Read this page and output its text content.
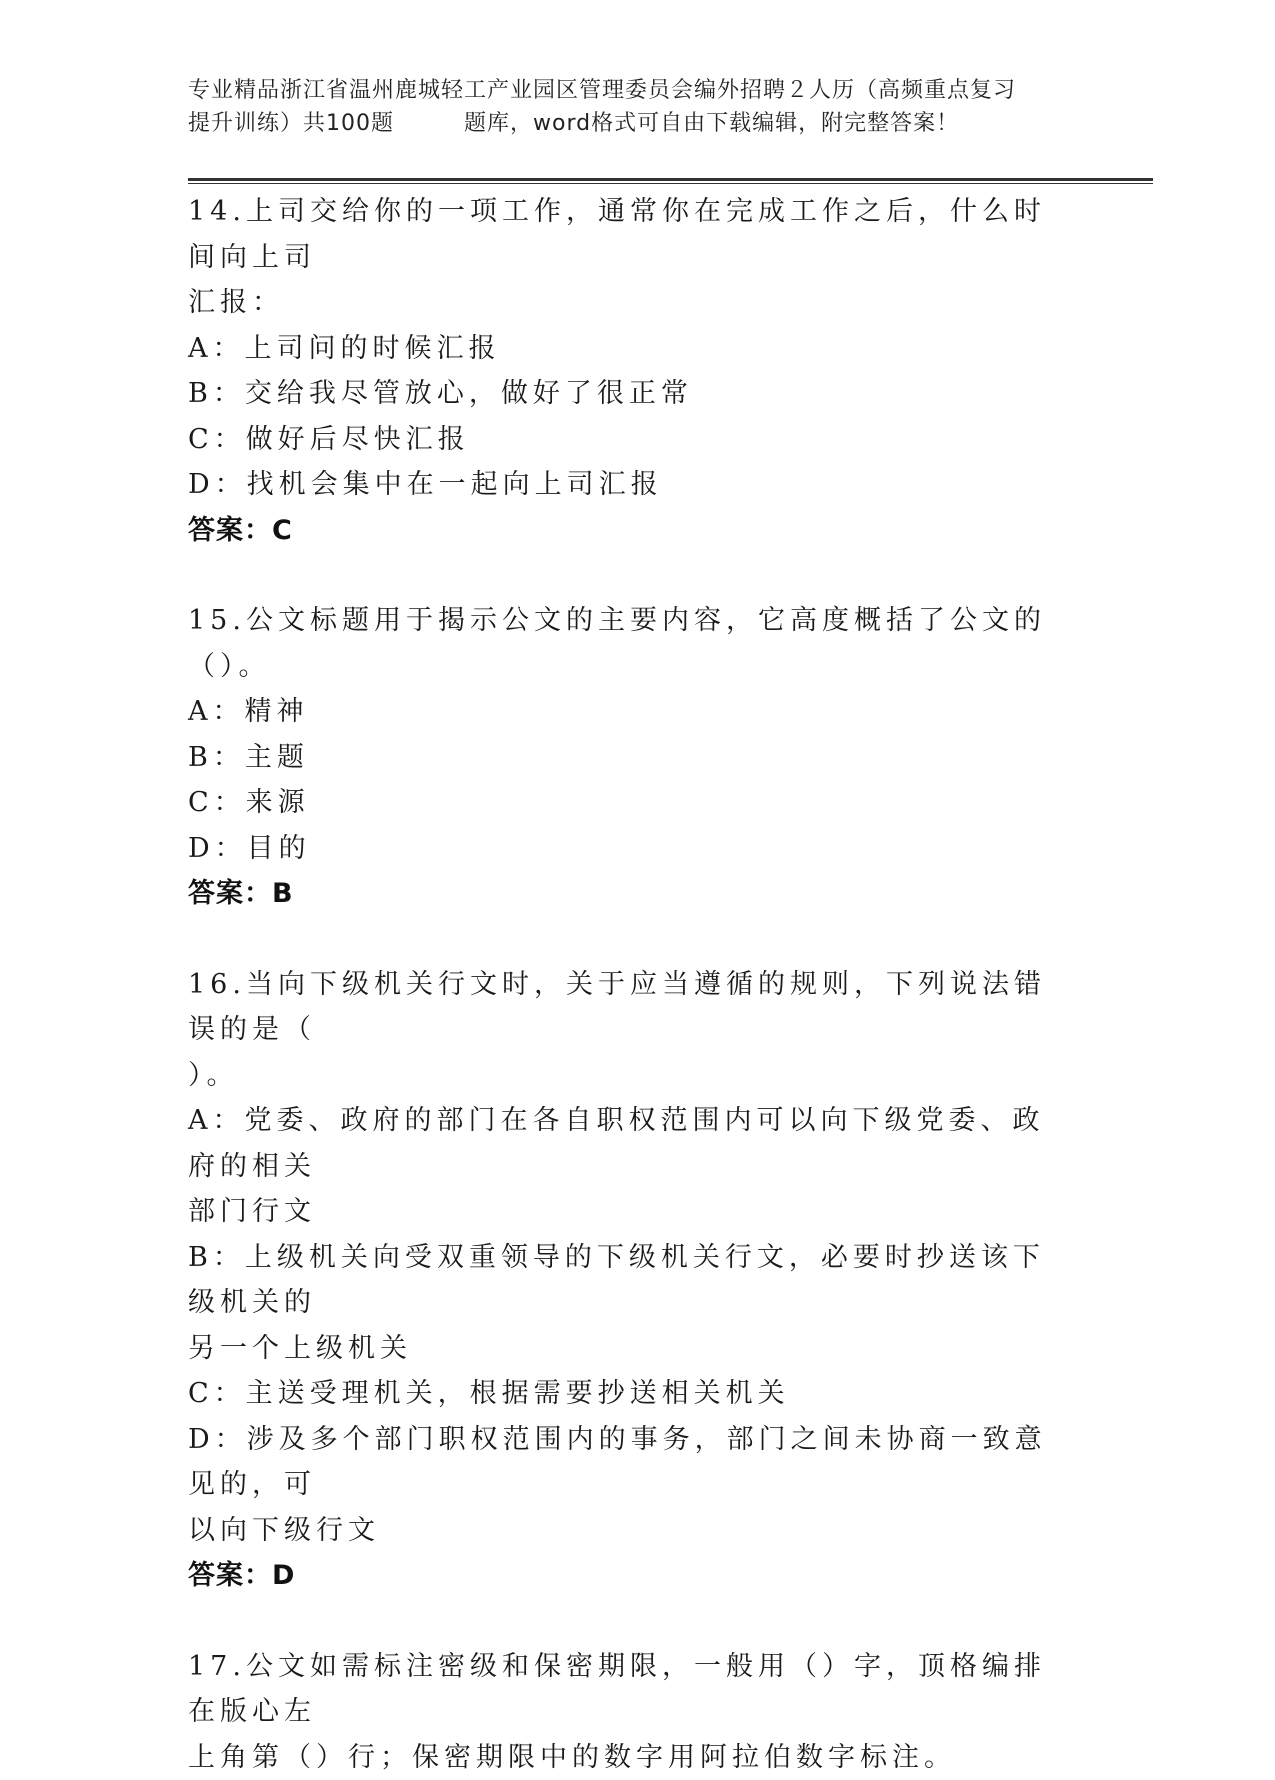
专业精品浙江省温州鹿城轻工产业园区管理委员会编外招聘２人历（高频重点复习
提升训练）共100题	题库，word格式可自由下载编辑，附完整答案！
14.上司交给你的一项工作，通常你在完成工作之后，什么时间向上司
汇报：
A：上司问的时候汇报
B：交给我尽管放心，做好了很正常
C：做好后尽快汇报
D：找机会集中在一起向上司汇报
答案：C
15.公文标题用于揭示公文的主要内容，它高度概括了公文的（）。
A：精神
B：主题
C：来源
D：目的
答案：B
16.当向下级机关行文时，关于应当遵循的规则，下列说法错误的是（
）。
A：党委、政府的部门在各自职权范围内可以向下级党委、政府的相关
部门行文
B：上级机关向受双重领导的下级机关行文，必要时抄送该下级机关的
另一个上级机关
C：主送受理机关，根据需要抄送相关机关
D：涉及多个部门职权范围内的事务，部门之间未协商一致意见的，可
以向下级行文
答案：D
17.公文如需标注密级和保密期限，一般用（）字，顶格编排在版心左
上角第（）行；保密期限中的数字用阿拉伯数字标注。
